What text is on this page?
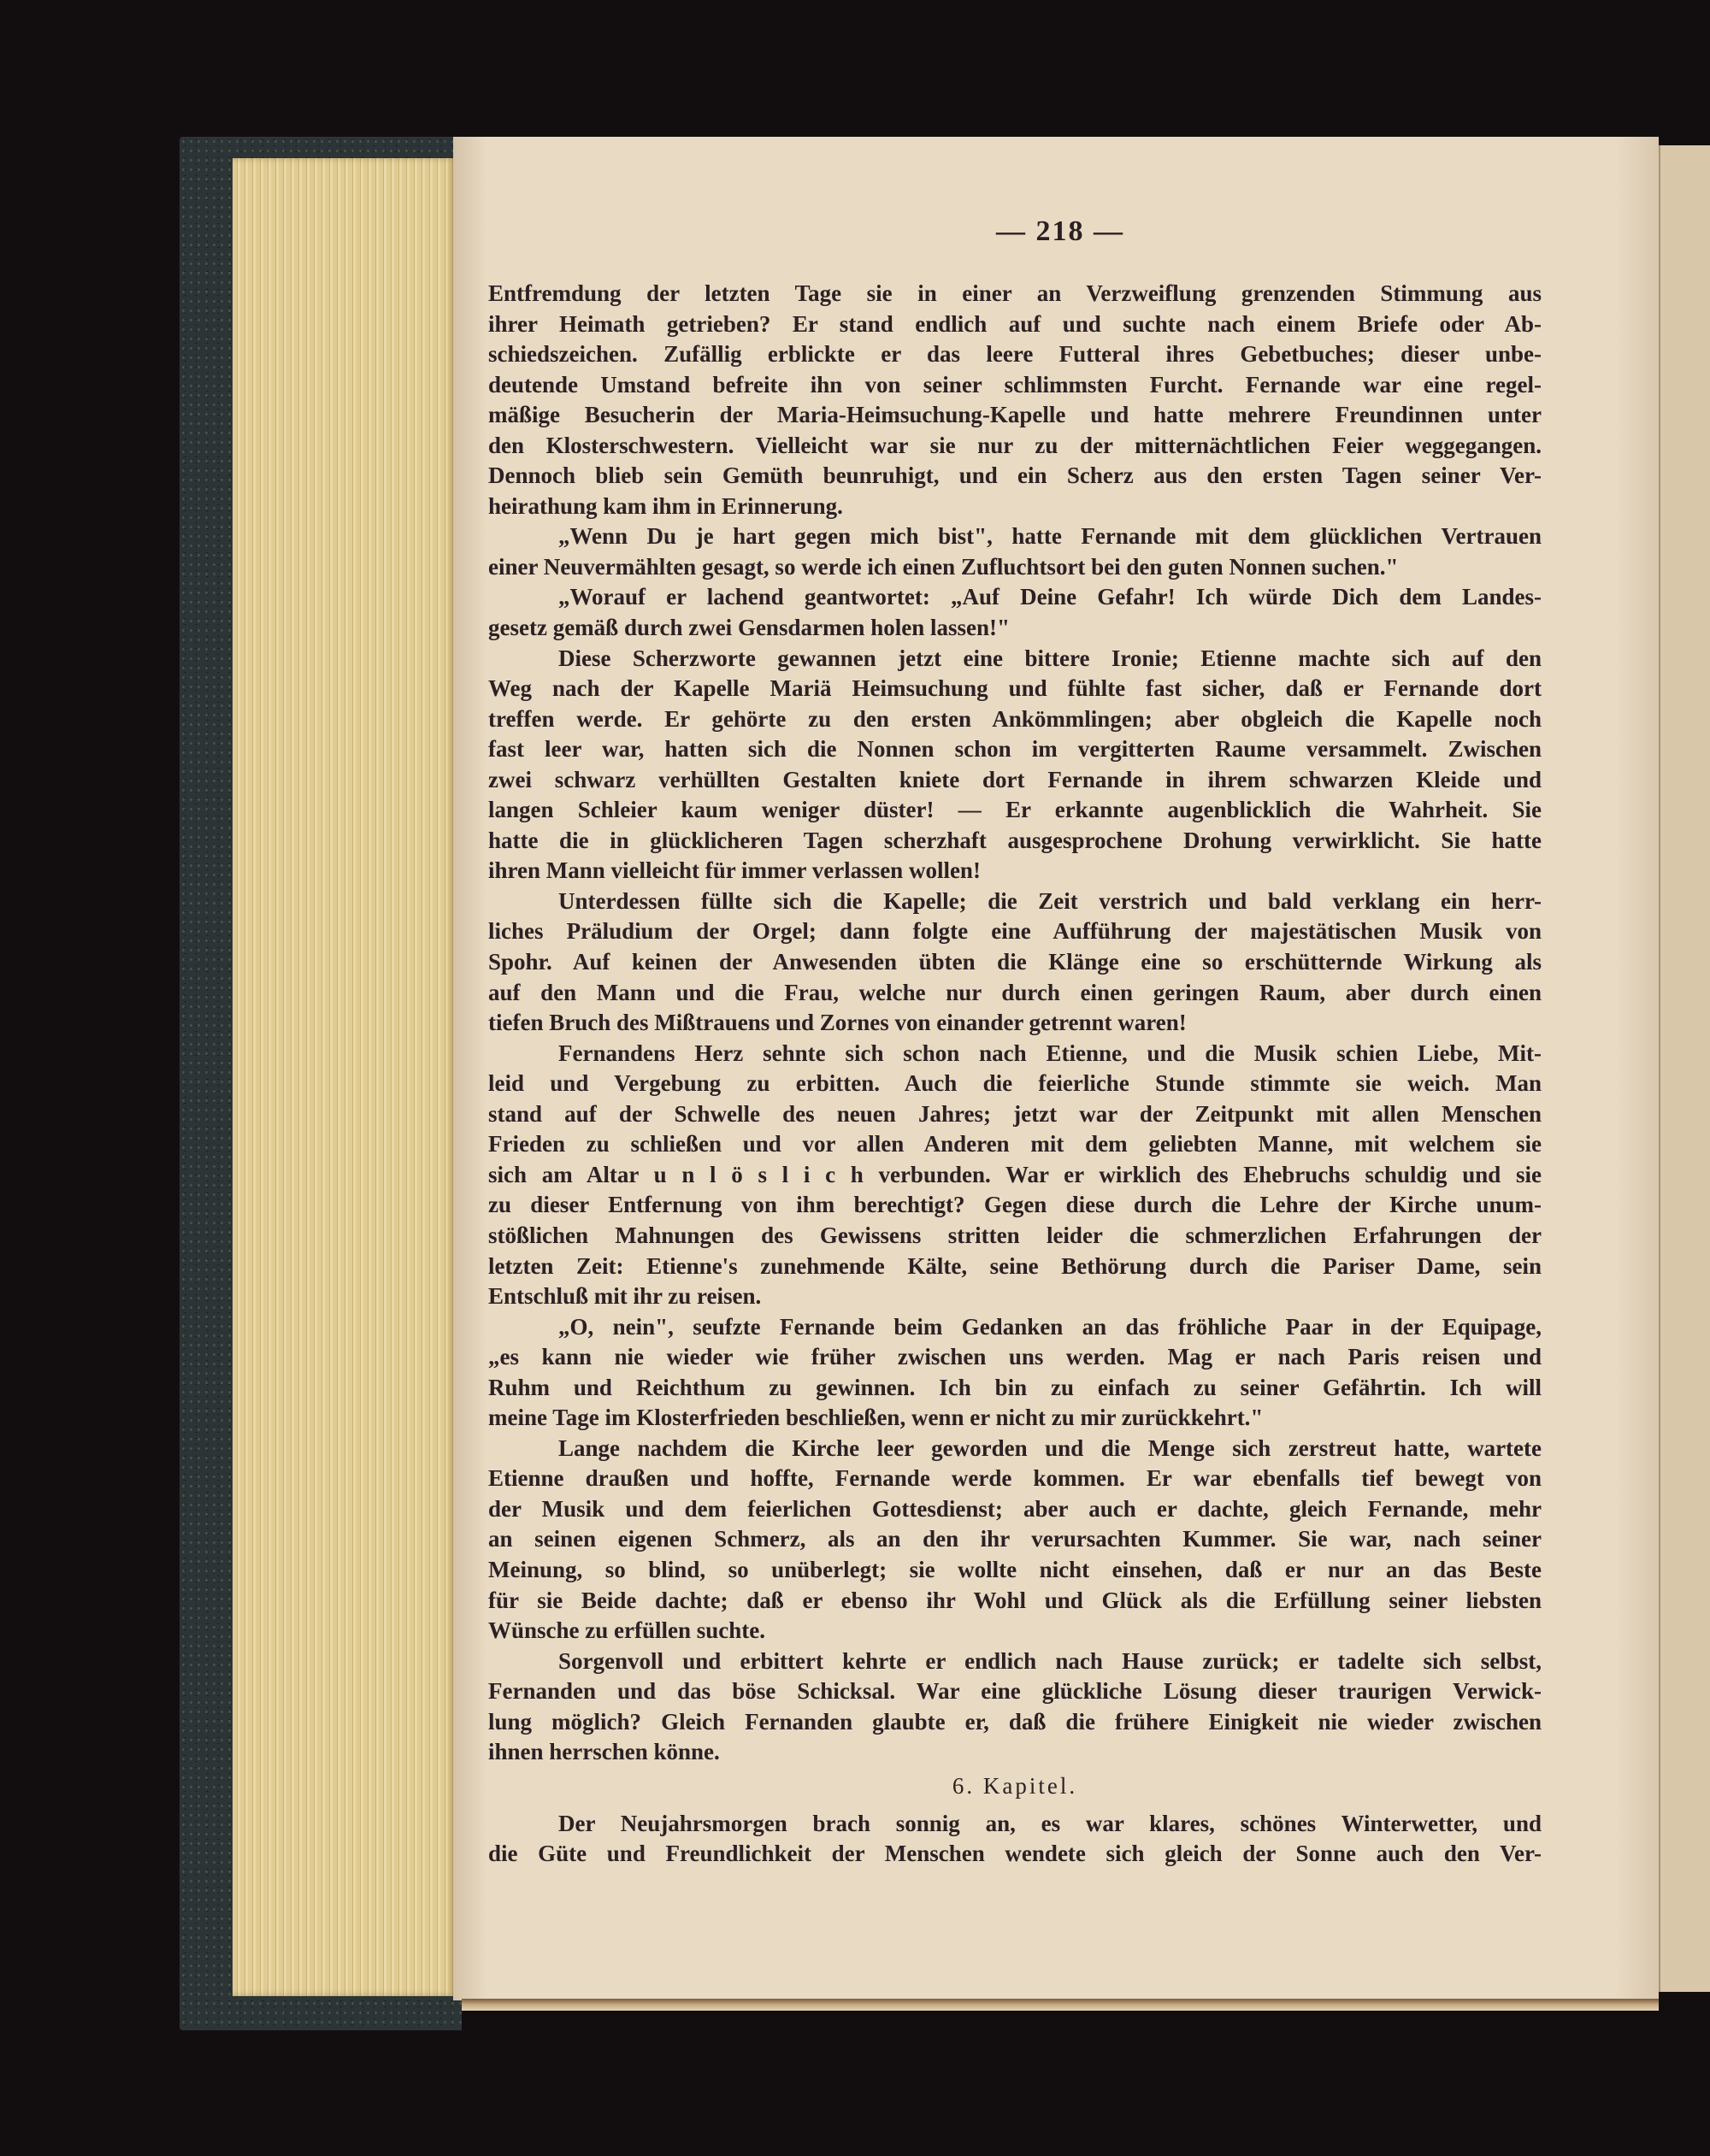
— 218 —
Entfremdung der letzten Tage sie in einer an Verzweiflung grenzenden Stimmung aus
ihrer Heimath getrieben? Er stand endlich auf und suchte nach einem Briefe oder Ab-
schiedszeichen. Zufällig erblickte er das leere Futteral ihres Gebetbuches; dieser unbe-
deutende Umstand befreite ihn von seiner schlimmsten Furcht. Fernande war eine regel-
mäßige Besucherin der Maria-Heimsuchung-Kapelle und hatte mehrere Freundinnen unter
den Klosterschwestern. Vielleicht war sie nur zu der mitternächtlichen Feier weggegangen.
Dennoch blieb sein Gemüth beunruhigt, und ein Scherz aus den ersten Tagen seiner Ver-
heirathung kam ihm in Erinnerung.
„Wenn Du je hart gegen mich bist", hatte Fernande mit dem glücklichen Vertrauen
einer Neuvermählten gesagt, so werde ich einen Zufluchtsort bei den guten Nonnen suchen."
„Worauf er lachend geantwortet: „Auf Deine Gefahr! Ich würde Dich dem Landes-
gesetz gemäß durch zwei Gensdarmen holen lassen!"
Diese Scherzworte gewannen jetzt eine bittere Ironie; Etienne machte sich auf den
Weg nach der Kapelle Mariä Heimsuchung und fühlte fast sicher, daß er Fernande dort
treffen werde. Er gehörte zu den ersten Ankömmlingen; aber obgleich die Kapelle noch
fast leer war, hatten sich die Nonnen schon im vergitterten Raume versammelt. Zwischen
zwei schwarz verhüllten Gestalten kniete dort Fernande in ihrem schwarzen Kleide und
langen Schleier kaum weniger düster! — Er erkannte augenblicklich die Wahrheit. Sie
hatte die in glücklicheren Tagen scherzhaft ausgesprochene Drohung verwirklicht. Sie hatte
ihren Mann vielleicht für immer verlassen wollen!
Unterdessen füllte sich die Kapelle; die Zeit verstrich und bald verklang ein herr-
liches Präludium der Orgel; dann folgte eine Aufführung der majestätischen Musik von
Spohr. Auf keinen der Anwesenden übten die Klänge eine so erschütternde Wirkung als
auf den Mann und die Frau, welche nur durch einen geringen Raum, aber durch einen
tiefen Bruch des Mißtrauens und Zornes von einander getrennt waren!
Fernandens Herz sehnte sich schon nach Etienne, und die Musik schien Liebe, Mit-
leid und Vergebung zu erbitten. Auch die feierliche Stunde stimmte sie weich. Man
stand auf der Schwelle des neuen Jahres; jetzt war der Zeitpunkt mit allen Menschen
Frieden zu schließen und vor allen Anderen mit dem geliebten Manne, mit welchem sie
sich am Altar u n l ö s l i c h verbunden. War er wirklich des Ehebruchs schuldig und sie
zu dieser Entfernung von ihm berechtigt? Gegen diese durch die Lehre der Kirche unum-
stößlichen Mahnungen des Gewissens stritten leider die schmerzlichen Erfahrungen der
letzten Zeit: Etienne's zunehmende Kälte, seine Bethörung durch die Pariser Dame, sein
Entschluß mit ihr zu reisen.
„O, nein", seufzte Fernande beim Gedanken an das fröhliche Paar in der Equipage,
„es kann nie wieder wie früher zwischen uns werden. Mag er nach Paris reisen und
Ruhm und Reichthum zu gewinnen. Ich bin zu einfach zu seiner Gefährtin. Ich will
meine Tage im Klosterfrieden beschließen, wenn er nicht zu mir zurückkehrt."
Lange nachdem die Kirche leer geworden und die Menge sich zerstreut hatte, wartete
Etienne draußen und hoffte, Fernande werde kommen. Er war ebenfalls tief bewegt von
der Musik und dem feierlichen Gottesdienst; aber auch er dachte, gleich Fernande, mehr
an seinen eigenen Schmerz, als an den ihr verursachten Kummer. Sie war, nach seiner
Meinung, so blind, so unüberlegt; sie wollte nicht einsehen, daß er nur an das Beste
für sie Beide dachte; daß er ebenso ihr Wohl und Glück als die Erfüllung seiner liebsten
Wünsche zu erfüllen suchte.
Sorgenvoll und erbittert kehrte er endlich nach Hause zurück; er tadelte sich selbst,
Fernanden und das böse Schicksal. War eine glückliche Lösung dieser traurigen Verwick-
lung möglich? Gleich Fernanden glaubte er, daß die frühere Einigkeit nie wieder zwischen
ihnen herrschen könne.
6. Kapitel.
Der Neujahrsmorgen brach sonnig an, es war klares, schönes Winterwetter, und
die Güte und Freundlichkeit der Menschen wendete sich gleich der Sonne auch den Ver-
